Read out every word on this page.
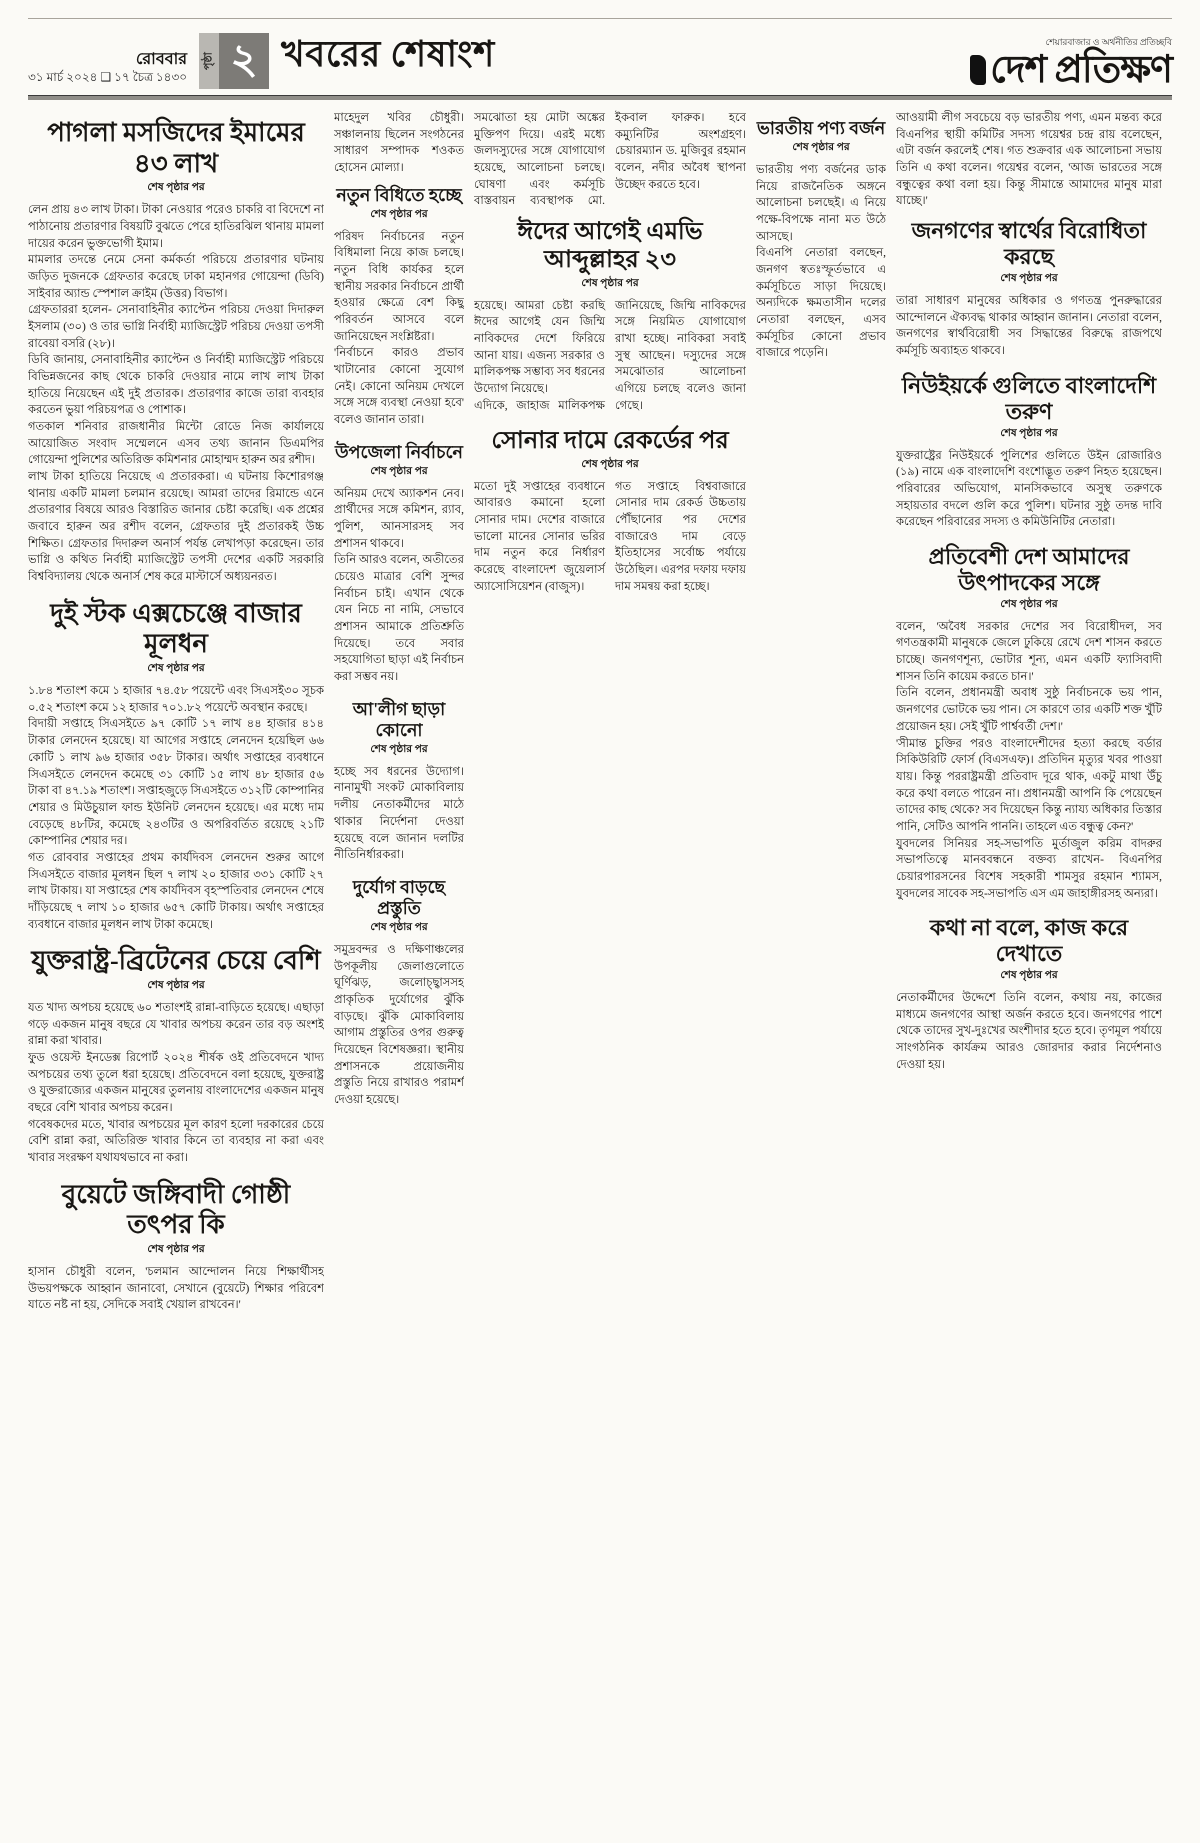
রোববার
৩১ মার্চ ২০২৪ ❑ ১৭ চৈত্র ১৪৩০
পৃষ্ঠা ২ খবরের শেষাংশ	শেয়ারবাজার ও অর্থনীতির প্রতিচ্ছবি
দেশ প্রতিক্ষণ
পাগলা মসজিদের ইমামের ৪৩ লাখ
শেষ পৃষ্ঠার পর
লেন প্রায় ৪৩ লাখ টাকা। টাকা নেওয়ার পরেও চাকরি বা বিদেশে না পাঠানোয় প্রতারণার বিষয়টি বুঝতে পেরে হাতিরঝিল থানায় মামলা দায়ের করেন ভুক্তভোগী ইমাম।
মামলার তদন্তে নেমে সেনা কর্মকর্তা পরিচয়ে প্রতারণার ঘটনায় জড়িত দুজনকে গ্রেফতার করেছে ঢাকা মহানগর গোয়েন্দা (ডিবি) সাইবার অ্যান্ড স্পেশাল ক্রাইম (উত্তর) বিভাগ।
গ্রেফতাররা হলেন- সেনাবাহিনীর ক্যাপ্টেন পরিচয় দেওয়া দিদারুল ইসলাম (৩০) ও তার ভাগ্নি নির্বাহী ম্যাজিস্ট্রেট পরিচয় দেওয়া তপসী রাবেয়া বসরি (২৮)।
ডিবি জানায়, সেনাবাহিনীর ক্যাপ্টেন ও নির্বাহী ম্যাজিস্ট্রেট পরিচয়ে বিভিন্নজনের কাছ থেকে চাকরি দেওয়ার নামে লাখ লাখ টাকা হাতিয়ে নিয়েছেন এই দুই প্রতারক। প্রতারণার কাজে তারা ব্যবহার করতেন ভুয়া পরিচয়পত্র ও পোশাক।
গতকাল শনিবার রাজধানীর মিন্টো রোডে নিজ কার্যালয়ে আয়োজিত সংবাদ সম্মেলনে এসব তথ্য জানান ডিএমপির গোয়েন্দা পুলিশের অতিরিক্ত কমিশনার মোহাম্মদ হারুন অর রশীদ।
লাখ টাকা হাতিয়ে নিয়েছে এ প্রতারকরা। এ ঘটনায় কিশোরগঞ্জ থানায় একটি মামলা চলমান রয়েছে। আমরা তাদের রিমান্ডে এনে প্রতারণার বিষয়ে আরও বিস্তারিত জানার চেষ্টা করেছি। এক প্রশ্নের জবাবে হারুন অর রশীদ বলেন, গ্রেফতার দুই প্রতারকই উচ্চ শিক্ষিত। গ্রেফতার দিদারুল অনার্স পর্যন্ত লেখাপড়া করেছেন। তার ভাগ্নি ও কথিত নির্বাহী ম্যাজিস্ট্রেট তপসী দেশের একটি সরকারি বিশ্ববিদ্যালয় থেকে অনার্স শেষ করে মাস্টার্সে অধ্যয়নরত।
দুই স্টক এক্সচেঞ্জে বাজার মূলধন
শেষ পৃষ্ঠার পর
১.৮৪ শতাংশ কমে ১ হাজার ৭৪.৫৮ পয়েন্টে এবং সিএসই৩০ সূচক ০.৫২ শতাংশ কমে ১২ হাজার ৭০১.৮২ পয়েন্টে অবস্থান করছে।
বিদায়ী সপ্তাহে সিএসইতে ৯৭ কোটি ১৭ লাখ ৪৪ হাজার ৪১৪ টাকার লেনদেন হয়েছে। যা আগের সপ্তাহে লেনদেন হয়েছিল ৬৬ কোটি ১ লাখ ৯৬ হাজার ৩৫৮ টাকার। অর্থাৎ সপ্তাহের ব্যবধানে সিএসইতে লেনদেন কমেছে ৩১ কোটি ১৫ লাখ ৪৮ হাজার ৫৬ টাকা বা ৪৭.১৯ শতাংশ। সপ্তাহজুড়ে সিএসইতে ৩১২টি কোম্পানির শেয়ার ও মিউচুয়াল ফান্ড ইউনিট লেনদেন হয়েছে। এর মধ্যে দাম বেড়েছে ৪৮টির, কমেছে ২৪৩টির ও অপরিবর্তিত রয়েছে ২১টি কোম্পানির শেয়ার দর।
গত রোববার সপ্তাহের প্রথম কার্যদিবস লেনদেন শুরুর আগে সিএসইতে বাজার মূলধন ছিল ৭ লাখ ২০ হাজার ৩৩১ কোটি ২৭ লাখ টাকায়। যা সপ্তাহের শেষ কার্যদিবস বৃহস্পতিবার লেনদেন শেষে দাঁড়িয়েছে ৭ লাখ ১০ হাজার ৬৫৭ কোটি টাকায়। অর্থাৎ সপ্তাহের ব্যবধানে বাজার মূলধন লাখ টাকা কমেছে।
যুক্তরাষ্ট্র-ব্রিটেনের চেয়ে বেশি
শেষ পৃষ্ঠার পর
যত খাদ্য অপচয় হয়েছে ৬০ শতাংশই রান্না-বাড়িতে হয়েছে। এছাড়া গড়ে একজন মানুষ বছরে যে খাবার অপচয় করেন তার বড় অংশই রান্না করা খাবার।
ফুড ওয়েস্ট ইনডেক্স রিপোর্ট ২০২৪ শীর্ষক ওই প্রতিবেদনে খাদ্য অপচয়ের তথ্য তুলে ধরা হয়েছে। প্রতিবেদনে বলা হয়েছে, যুক্তরাষ্ট্র ও যুক্তরাজ্যের একজন মানুষের তুলনায় বাংলাদেশের একজন মানুষ বছরে বেশি খাবার অপচয় করেন।
গবেষকদের মতে, খাবার অপচয়ের মূল কারণ হলো দরকারের চেয়ে বেশি রান্না করা, অতিরিক্ত খাবার কিনে তা ব্যবহার না করা এবং খাবার সংরক্ষণ যথাযথভাবে না করা।
বুয়েটে জঙ্গিবাদী গোষ্ঠী তৎপর কি
শেষ পৃষ্ঠার পর
হাসান চৌধুরী বলেন, 'চলমান আন্দোলন নিয়ে শিক্ষার্থীসহ উভয়পক্ষকে আহ্বান জানাবো, সেখানে (বুয়েটে) শিক্ষার পরিবেশ যাতে নষ্ট না হয়, সেদিকে সবাই খেয়াল রাখবেন।'
মাহেদুল খবির চৌধুরী। সঞ্চালনায় ছিলেন সংগঠনের সাধারণ সম্পাদক শওকত হোসেন মোল্যা।
নতুন বিধিতে হচ্ছে
শেষ পৃষ্ঠার পর
পরিষদ নির্বাচনের নতুন বিধিমালা নিয়ে কাজ চলছে। নতুন বিধি কার্যকর হলে স্থানীয় সরকার নির্বাচনে প্রার্থী হওয়ার ক্ষেত্রে বেশ কিছু পরিবর্তন আসবে বলে জানিয়েছেন সংশ্লিষ্টরা।
'নির্বাচনে কারও প্রভাব খাটানোর কোনো সুযোগ নেই। কোনো অনিয়ম দেখলে সঙ্গে সঙ্গে ব্যবস্থা নেওয়া হবে' বলেও জানান তারা।
উপজেলা নির্বাচনে
শেষ পৃষ্ঠার পর
অনিয়ম দেখে অ্যাকশন নেব। প্রার্থীদের সঙ্গে কমিশন, র‍্যাব, পুলিশ, আনসারসহ সব প্রশাসন থাকবে।
তিনি আরও বলেন, অতীতের চেয়েও মাত্রার বেশি সুন্দর নির্বাচন চাই। এখান থেকে যেন নিচে না নামি, সেভাবে প্রশাসন আমাকে প্রতিশ্রুতি দিয়েছে। তবে সবার সহযোগিতা ছাড়া এই নির্বাচন করা সম্ভব নয়।
আ'লীগ ছাড়া কোনো
শেষ পৃষ্ঠার পর
হচ্ছে সব ধরনের উদ্যোগ। নানামুখী সংকট মোকাবিলায় দলীয় নেতাকর্মীদের মাঠে থাকার নির্দেশনা দেওয়া হয়েছে বলে জানান দলটির নীতিনির্ধারকরা।
দুর্যোগ বাড়ছে প্রস্তুতি
শেষ পৃষ্ঠার পর
সমুদ্রবন্দর ও দক্ষিণাঞ্চলের উপকূলীয় জেলাগুলোতে ঘূর্ণিঝড়, জলোচ্ছ্বাসসহ প্রাকৃতিক দুর্যোগের ঝুঁকি বাড়ছে। ঝুঁকি মোকাবিলায় আগাম প্রস্তুতির ওপর গুরুত্ব দিয়েছেন বিশেষজ্ঞরা। স্থানীয় প্রশাসনকে প্রয়োজনীয় প্রস্তুতি নিয়ে রাখারও পরামর্শ দেওয়া হয়েছে।
সমঝোতা হয় মোটা অঙ্কের মুক্তিপণ দিয়ে। এরই মধ্যে জলদস্যুদের সঙ্গে যোগাযোগ হয়েছে, আলোচনা চলছে। ঘোষণা এবং কর্মসূচি বাস্তবায়ন ব্যবস্থাপক মো. ইকবাল ফারুক। হবে কম্যুনিটির অংশগ্রহণ। চেয়ারম্যান ড. মুজিবুর রহমান বলেন, নদীর অবৈধ স্থাপনা উচ্ছেদ করতে হবে।
ঈদের আগেই এমভি আব্দুল্লাহর ২৩
শেষ পৃষ্ঠার পর
হয়েছে। আমরা চেষ্টা করছি ঈদের আগেই যেন জিম্মি নাবিকদের দেশে ফিরিয়ে আনা যায়। এজন্য সরকার ও মালিকপক্ষ সম্ভাব্য সব ধরনের উদ্যোগ নিয়েছে।
এদিকে, জাহাজ মালিকপক্ষ জানিয়েছে, জিম্মি নাবিকদের সঙ্গে নিয়মিত যোগাযোগ রাখা হচ্ছে। নাবিকরা সবাই সুস্থ আছেন। দস্যুদের সঙ্গে সমঝোতার আলোচনা এগিয়ে চলছে বলেও জানা গেছে।
সোনার দামে রেকর্ডের পর
শেষ পৃষ্ঠার পর
মতো দুই সপ্তাহের ব্যবধানে আবারও কমানো হলো সোনার দাম। দেশের বাজারে ভালো মানের সোনার ভরির দাম নতুন করে নির্ধারণ করেছে বাংলাদেশ জুয়েলার্স অ্যাসোসিয়েশন (বাজুস)।
গত সপ্তাহে বিশ্ববাজারে সোনার দাম রেকর্ড উচ্চতায় পৌঁছানোর পর দেশের বাজারেও দাম বেড়ে ইতিহাসের সর্বোচ্চ পর্যায়ে উঠেছিল। এরপর দফায় দফায় দাম সমন্বয় করা হচ্ছে।
ভারতীয় পণ্য বর্জন
শেষ পৃষ্ঠার পর
ভারতীয় পণ্য বর্জনের ডাক নিয়ে রাজনৈতিক অঙ্গনে আলোচনা চলছেই। এ নিয়ে পক্ষে-বিপক্ষে নানা মত উঠে আসছে।
বিএনপি নেতারা বলছেন, জনগণ স্বতঃস্ফূর্তভাবে এ কর্মসূচিতে সাড়া দিয়েছে। অন্যদিকে ক্ষমতাসীন দলের নেতারা বলছেন, এসব কর্মসূচির কোনো প্রভাব বাজারে পড়েনি।
আওয়ামী লীগ সবচেয়ে বড় ভারতীয় পণ্য, এমন মন্তব্য করে বিএনপির স্থায়ী কমিটির সদস্য গয়েশ্বর চন্দ্র রায় বলেছেন, এটা বর্জন করলেই শেষ। গত শুক্রবার এক আলোচনা সভায় তিনি এ কথা বলেন। গয়েশ্বর বলেন, 'আজ ভারতের সঙ্গে বন্ধুত্বের কথা বলা হয়। কিন্তু সীমান্তে আমাদের মানুষ মারা যাচ্ছে।'
জনগণের স্বার্থের বিরোধিতা করছে
শেষ পৃষ্ঠার পর
তারা সাধারণ মানুষের অধিকার ও গণতন্ত্র পুনরুদ্ধারের আন্দোলনে ঐক্যবদ্ধ থাকার আহ্বান জানান। নেতারা বলেন, জনগণের স্বার্থবিরোধী সব সিদ্ধান্তের বিরুদ্ধে রাজপথে কর্মসূচি অব্যাহত থাকবে।
নিউইয়র্কে গুলিতে বাংলাদেশি তরুণ
শেষ পৃষ্ঠার পর
যুক্তরাষ্ট্রের নিউইয়র্কে পুলিশের গুলিতে উইন রোজারিও (১৯) নামে এক বাংলাদেশি বংশোদ্ভূত তরুণ নিহত হয়েছেন। পরিবারের অভিযোগ, মানসিকভাবে অসুস্থ তরুণকে সহায়তার বদলে গুলি করে পুলিশ। ঘটনার সুষ্ঠু তদন্ত দাবি করেছেন পরিবারের সদস্য ও কমিউনিটির নেতারা।
প্রতিবেশী দেশ আমাদের উৎপাদকের সঙ্গে
শেষ পৃষ্ঠার পর
বলেন, 'অবৈধ সরকার দেশের সব বিরোধীদল, সব গণতন্ত্রকামী মানুষকে জেলে ঢুকিয়ে রেখে দেশ শাসন করতে চাচ্ছে। জনগণশূন্য, ভোটার শূন্য, এমন একটি ফ্যাসিবাদী শাসন তিনি কায়েম করতে চান।'
তিনি বলেন, প্রধানমন্ত্রী অবাধ সুষ্ঠু নির্বাচনকে ভয় পান, জনগণের ভোটকে ভয় পান। সে কারণে তার একটি শক্ত খুঁটি প্রয়োজন হয়। সেই খুঁটি পার্শ্ববর্তী দেশ।'
'সীমান্ত চুক্তির পরও বাংলাদেশীদের হত্যা করছে বর্ডার সিকিউরিটি ফোর্স (বিএসএফ)। প্রতিদিন মৃত্যুর খবর পাওয়া যায়। কিন্তু পররাষ্ট্রমন্ত্রী প্রতিবাদ দূরে থাক, একটু মাথা উঁচু করে কথা বলতে পারেন না। প্রধানমন্ত্রী আপনি কি পেয়েছেন তাদের কাছ থেকে? সব দিয়েছেন কিন্তু ন্যায্য অধিকার তিস্তার পানি, সেটিও আপনি পাননি। তাহলে এত বন্ধুত্ব কেন?'
যুবদলের সিনিয়র সহ-সভাপতি মুর্তাজুল করিম বাদরুর সভাপতিত্বে মানববন্ধনে বক্তব্য রাখেন- বিএনপির চেয়ারপারসনের বিশেষ সহকারী শামসুর রহমান শ্যামস, যুবদলের সাবেক সহ-সভাপতি এস এম জাহাঙ্গীরসহ অন্যরা।
কথা না বলে, কাজ করে দেখাতে
শেষ পৃষ্ঠার পর
নেতাকর্মীদের উদ্দেশে তিনি বলেন, কথায় নয়, কাজের মাধ্যমে জনগণের আস্থা অর্জন করতে হবে। জনগণের পাশে থেকে তাদের সুখ-দুঃখের অংশীদার হতে হবে। তৃণমূল পর্যায়ে সাংগঠনিক কার্যক্রম আরও জোরদার করার নির্দেশনাও দেওয়া হয়।
